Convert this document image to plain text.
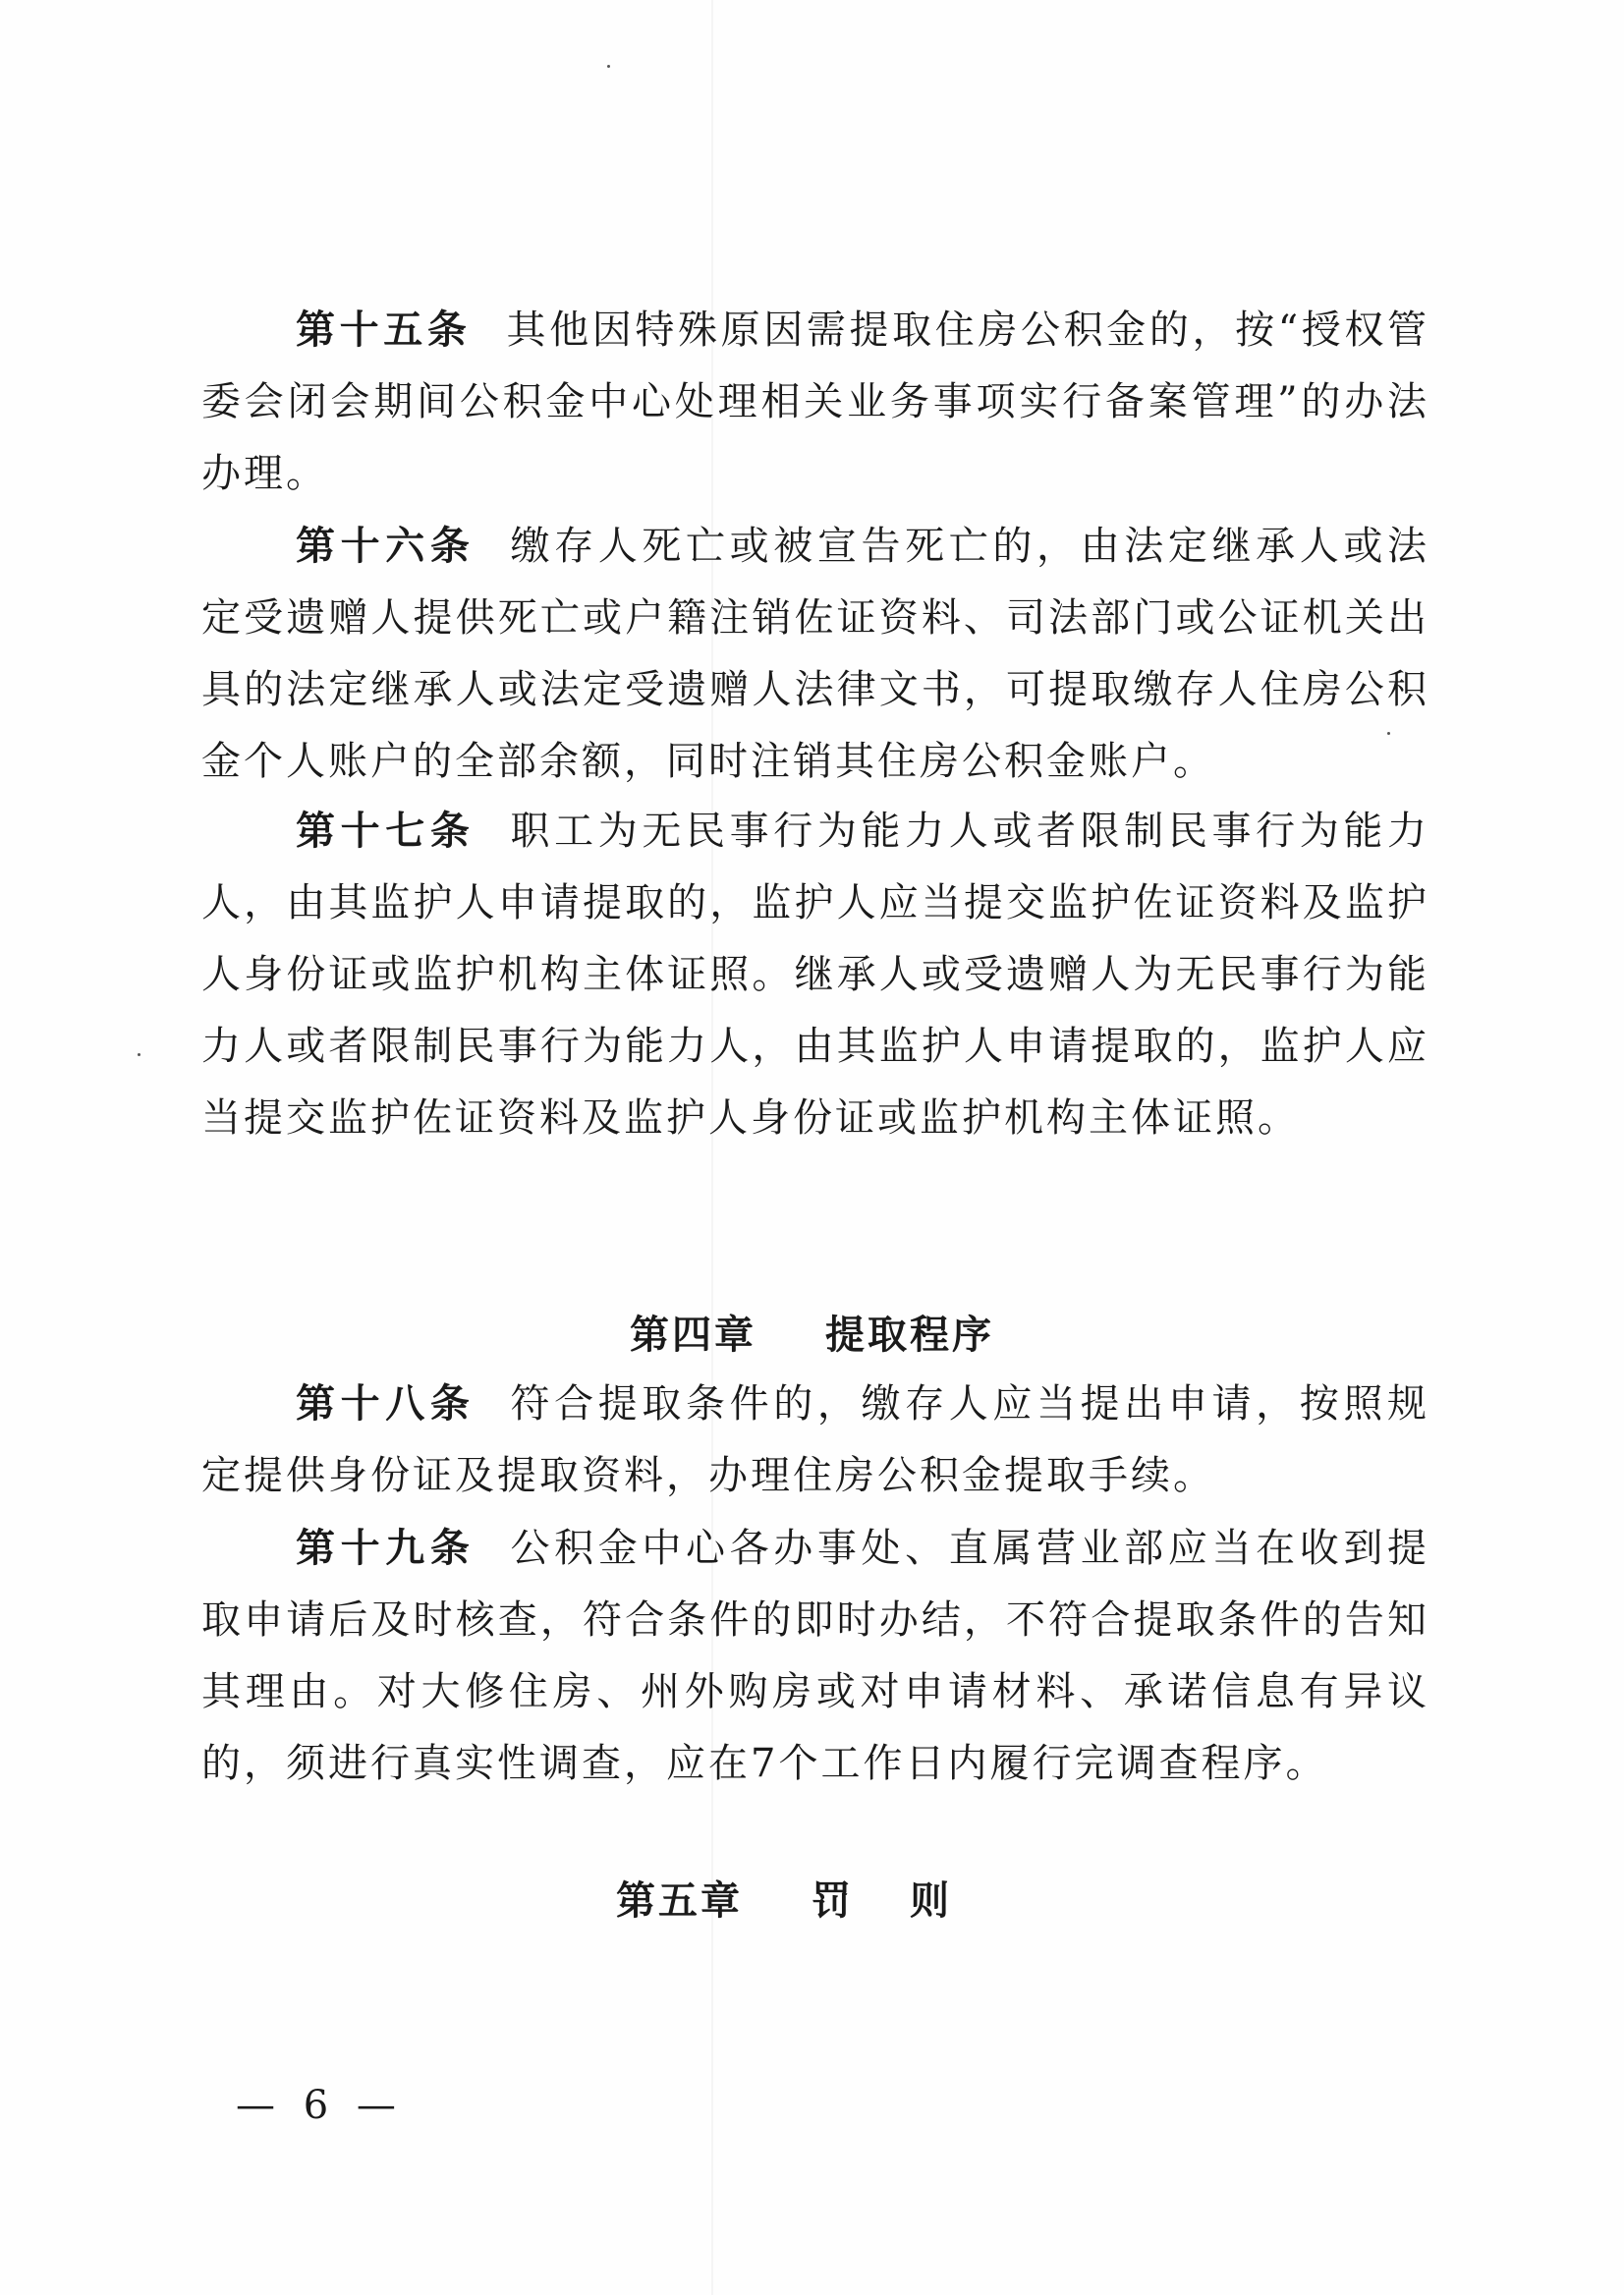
第十五条 其他因特殊原因需提取住房公积金的，按“授权管委会闭会期间公积金中心处理相关业务事项实行备案管理”的办法办理。

第十六条 缴存人死亡或被宣告死亡的，由法定继承人或法定受遗赠人提供死亡或户籍注销佐证资料、司法部门或公证机关出具的法定继承人或法定受遗赠人法律文书，可提取缴存人住房公积金个人账户的全部余额，同时注销其住房公积金账户。

第十七条 职工为无民事行为能力人或者限制民事行为能力人，由其监护人申请提取的，监护人应当提交监护佐证资料及监护人身份证或监护机构主体证照。继承人或受遗赠人为无民事行为能力人或者限制民事行为能力人，由其监护人申请提取的，监护人应当提交监护佐证资料及监护人身份证或监护机构主体证照。

第四章 提取程序

第十八条 符合提取条件的，缴存人应当提出申请，按照规定提供身份证及提取资料，办理住房公积金提取手续。

第十九条 公积金中心各办事处、直属营业部应当在收到提取申请后及时核查，符合条件的即时办结，不符合提取条件的告知其理由。对大修住房、州外购房或对申请材料、承诺信息有异议的，须进行真实性调查，应在7个工作日内履行完调查程序。

第五章 罚则
— 6 —
